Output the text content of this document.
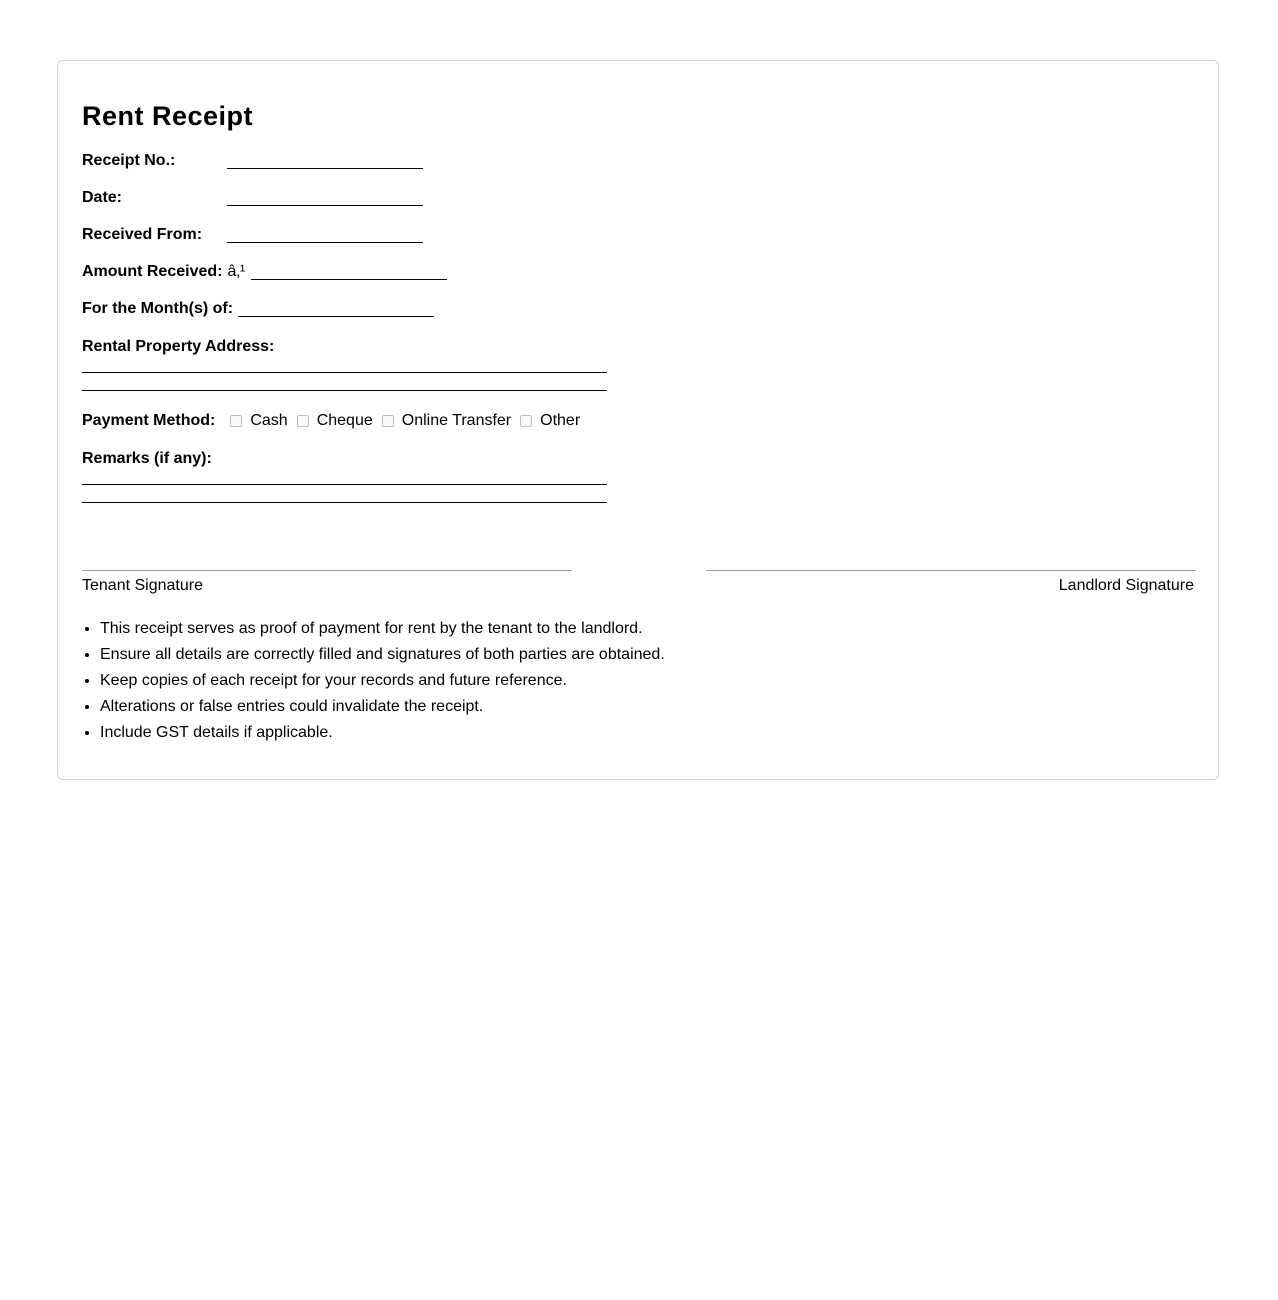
Rent Receipt
Receipt No.:
Date:
Received From:
Amount Received: â‚¹
For the Month(s) of:
Rental Property Address:
Payment Method: Cash Cheque Online Transfer Other
Remarks (if any):
Tenant Signature	Landlord Signature
• This receipt serves as proof of payment for rent by the tenant to the landlord.
• Ensure all details are correctly filled and signatures of both parties are obtained.
• Keep copies of each receipt for your records and future reference.
• Alterations or false entries could invalidate the receipt.
• Include GST details if applicable.
